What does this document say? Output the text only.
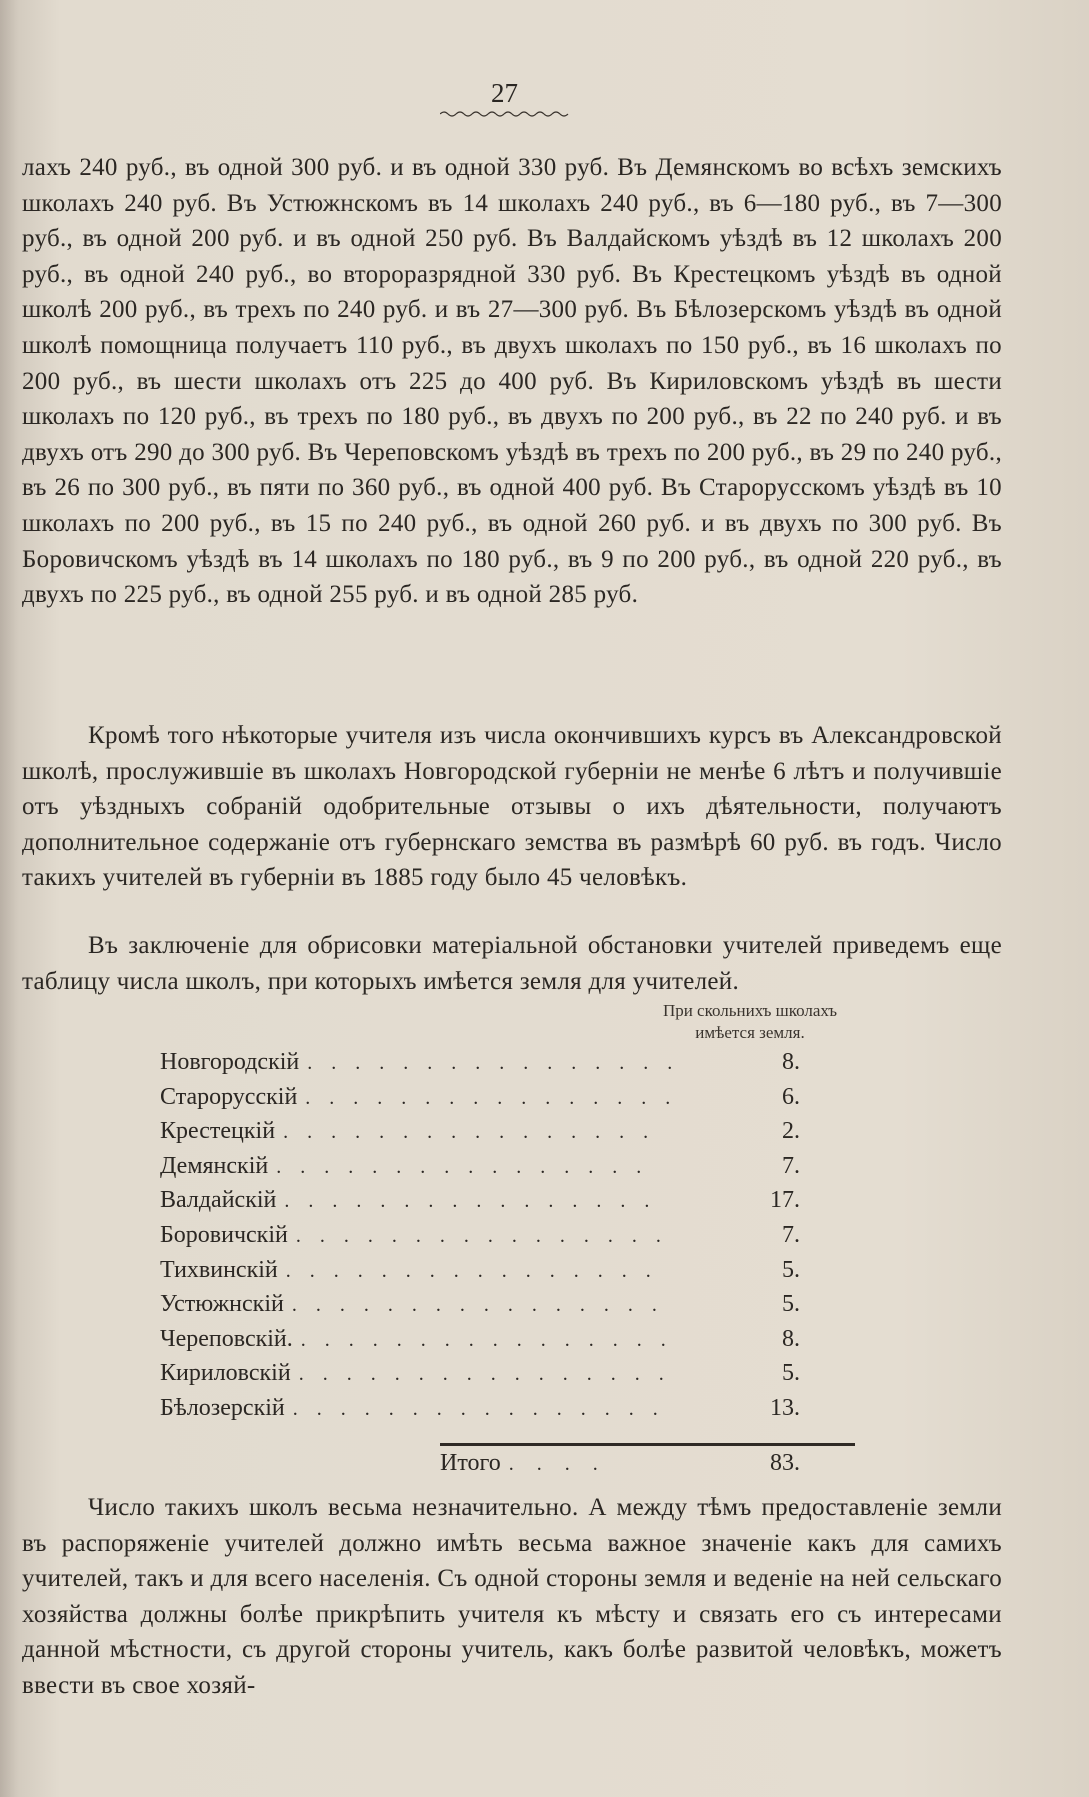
27

лахъ 240 руб., въ одной 300 руб. и въ одной 330 руб. Въ Демянскомъ во всѣхъ земскихъ школахъ 240 руб. Въ Устюжнскомъ въ 14 школахъ 240 руб., въ 6—180 руб., въ 7—300 руб., въ одной 200 руб. и въ одной 250 руб. Въ Валдайскомъ уѣздѣ въ 12 школахъ 200 руб., въ одной 240 руб., во второразрядной 330 руб. Въ Крестецкомъ уѣздѣ въ одной школѣ 200 руб., въ трехъ по 240 руб. и въ 27—300 руб. Въ Бѣлозерскомъ уѣздѣ въ одной школѣ помощница получаетъ 110 руб., въ двухъ школахъ по 150 руб., въ 16 школахъ по 200 руб., въ шести школахъ отъ 225 до 400 руб. Въ Кириловскомъ уѣздѣ въ шести школахъ по 120 руб., въ трехъ по 180 руб., въ двухъ по 200 руб., въ 22 по 240 руб. и въ двухъ отъ 290 до 300 руб. Въ Череповскомъ уѣздѣ въ трехъ по 200 руб., въ 29 по 240 руб., въ 26 по 300 руб., въ пяти по 360 руб., въ одной 400 руб. Въ Старорусскомъ уѣздѣ въ 10 школахъ по 200 руб., въ 15 по 240 руб., въ одной 260 руб. и въ двухъ по 300 руб. Въ Боровичскомъ уѣздѣ въ 14 школахъ по 180 руб., въ 9 по 200 руб., въ одной 220 руб., въ двухъ по 225 руб., въ одной 255 руб. и въ одной 285 руб.

Кромѣ того нѣкоторые учителя изъ числа окончившихъ курсъ въ Александровской школѣ, прослужившіе въ школахъ Новгородской губерніи не менѣе 6 лѣтъ и получившіе отъ уѣздныхъ собраній одобрительные отзывы о ихъ дѣятельности, получаютъ дополнительное содержаніе отъ губернскаго земства въ размѣрѣ 60 руб. въ годъ. Число такихъ учителей въ губерніи въ 1885 году было 45 человѣкъ.

Въ заключеніе для обрисовки матеріальной обстановки учителей приведемъ еще таблицу числа школъ, при которыхъ имѣется земля для учителей.

При скольнихъ школахъ
имѣется земля.
Новгородскій . . . . . . . . . . . . . . . .	8.
Старорусскій . . . . . . . . . . . . . . . .	6.
Крестецкій . . . . . . . . . . . . . . . .	2.
Демянскій . . . . . . . . . . . . . . . .	7.
Валдайскій . . . . . . . . . . . . . . . .	17.
Боровичскій . . . . . . . . . . . . . . . .	7.
Тихвинскій . . . . . . . . . . . . . . . .	5.
Устюжнскій . . . . . . . . . . . . . . . .	5.
Череповскій. . . . . . . . . . . . . . . . .	8.
Кириловскій . . . . . . . . . . . . . . . .	5.
Бѣлозерскій . . . . . . . . . . . . . . . .	13.
Итого . . . .	83.

Число такихъ школъ весьма незначительно. А между тѣмъ предоставленіе земли въ распоряженіе учителей должно имѣть весьма важное значеніе какъ для самихъ учителей, такъ и для всего населенія. Съ одной стороны земля и веденіе на ней сельскаго хозяйства должны болѣе прикрѣпить учителя къ мѣсту и связать его съ интересами данной мѣстности, съ другой стороны учитель, какъ болѣе развитой человѣкъ, можетъ ввести въ свое хозяй-
